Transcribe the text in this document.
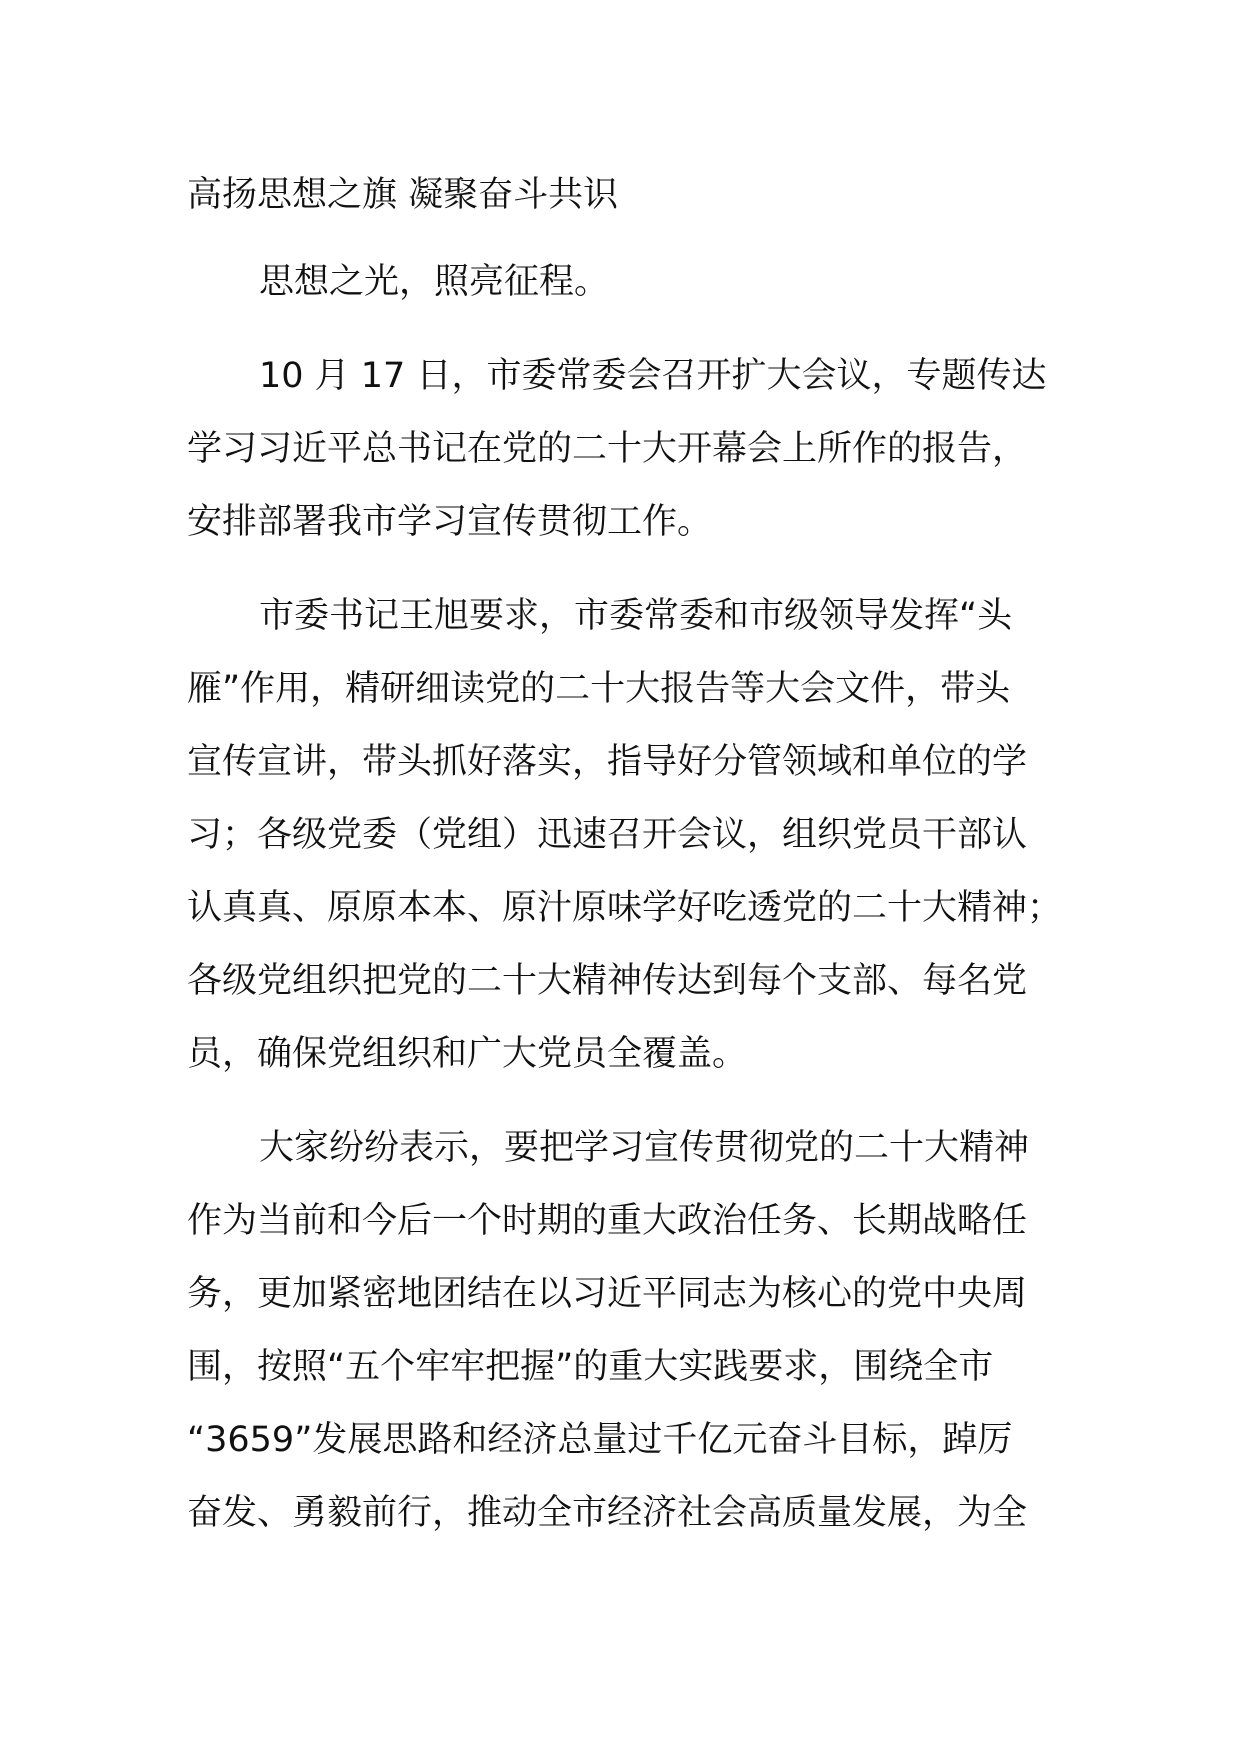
高扬思想之旗 凝聚奋斗共识
思想之光，照亮征程。
10 月 17 日，市委常委会召开扩大会议，专题传达
学习习近平总书记在党的二十大开幕会上所作的报告，
安排部署我市学习宣传贯彻工作。
市委书记王旭要求，市委常委和市级领导发挥“头
雁”作用，精研细读党的二十大报告等大会文件，带头
宣传宣讲，带头抓好落实，指导好分管领域和单位的学
习；各级党委（党组）迅速召开会议，组织党员干部认
认真真、原原本本、原汁原味学好吃透党的二十大精神；
各级党组织把党的二十大精神传达到每个支部、每名党
员，确保党组织和广大党员全覆盖。
大家纷纷表示，要把学习宣传贯彻党的二十大精神
作为当前和今后一个时期的重大政治任务、长期战略任
务，更加紧密地团结在以习近平同志为核心的党中央周
围，按照“五个牢牢把握”的重大实践要求，围绕全市
“3659”发展思路和经济总量过千亿元奋斗目标，踔厉
奋发、勇毅前行，推动全市经济社会高质量发展，为全
